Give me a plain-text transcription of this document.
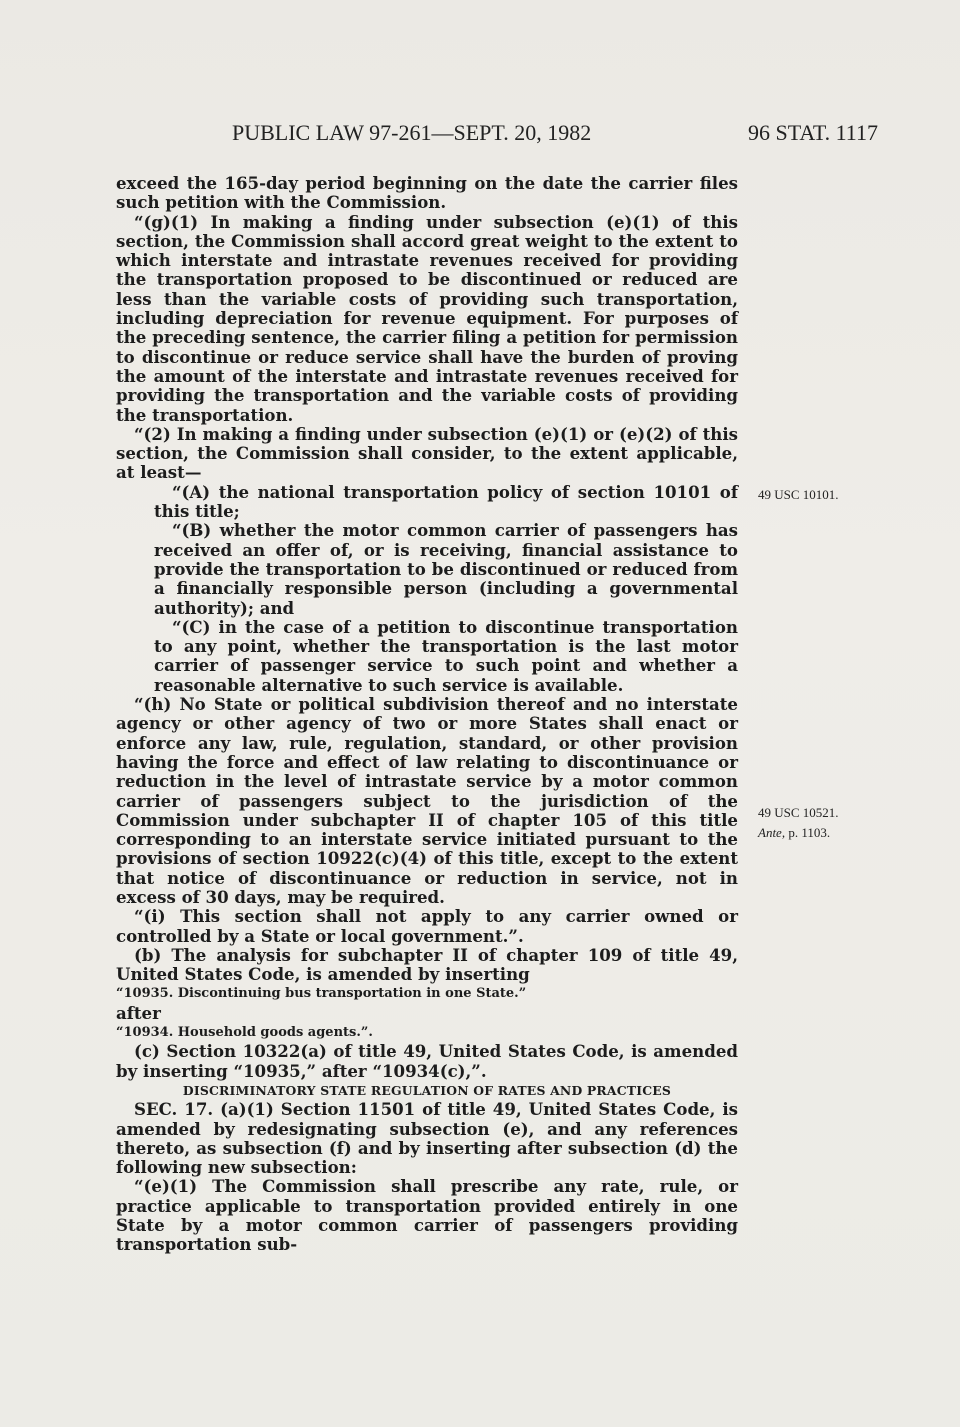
PUBLIC LAW 97-261—SEPT. 20, 1982	96 STAT. 1117

exceed the 165-day period beginning on the date the carrier files such petition with the Commission.

“(g)(1) In making a finding under subsection (e)(1) of this section, the Commission shall accord great weight to the extent to which interstate and intrastate revenues received for providing the transportation proposed to be discontinued or reduced are less than the variable costs of providing such transportation, including depreciation for revenue equipment. For purposes of the preceding sentence, the carrier filing a petition for permission to discontinue or reduce service shall have the burden of proving the amount of the interstate and intrastate revenues received for providing the transportation and the variable costs of providing the transportation.

“(2) In making a finding under subsection (e)(1) or (e)(2) of this section, the Commission shall consider, to the extent applicable, at least—

“(A) the national transportation policy of section 10101 of this title;

“(B) whether the motor common carrier of passengers has received an offer of, or is receiving, financial assistance to provide the transportation to be discontinued or reduced from a financially responsible person (including a governmental authority); and

“(C) in the case of a petition to discontinue transportation to any point, whether the transportation is the last motor carrier of passenger service to such point and whether a reasonable alternative to such service is available.

“(h) No State or political subdivision thereof and no interstate agency or other agency of two or more States shall enact or enforce any law, rule, regulation, standard, or other provision having the force and effect of law relating to discontinuance or reduction in the level of intrastate service by a motor common carrier of passengers subject to the jurisdiction of the Commission under subchapter II of chapter 105 of this title corresponding to an interstate service initiated pursuant to the provisions of section 10922(c)(4) of this title, except to the extent that notice of discontinuance or reduction in service, not in excess of 30 days, may be required.

“(i) This section shall not apply to any carrier owned or controlled by a State or local government.”.

(b) The analysis for subchapter II of chapter 109 of title 49, United States Code, is amended by inserting

“10935. Discontinuing bus transportation in one State.”

after

“10934. Household goods agents.”.

(c) Section 10322(a) of title 49, United States Code, is amended by inserting “10935,” after “10934(c),”.

DISCRIMINATORY STATE REGULATION OF RATES AND PRACTICES

SEC. 17. (a)(1) Section 11501 of title 49, United States Code, is amended by redesignating subsection (e), and any references thereto, as subsection (f) and by inserting after subsection (d) the following new subsection:

“(e)(1) The Commission shall prescribe any rate, rule, or practice applicable to transportation provided entirely in one State by a motor common carrier of passengers providing transportation sub-

49 USC 10101.
49 USC 10521.
Ante, p. 1103.
